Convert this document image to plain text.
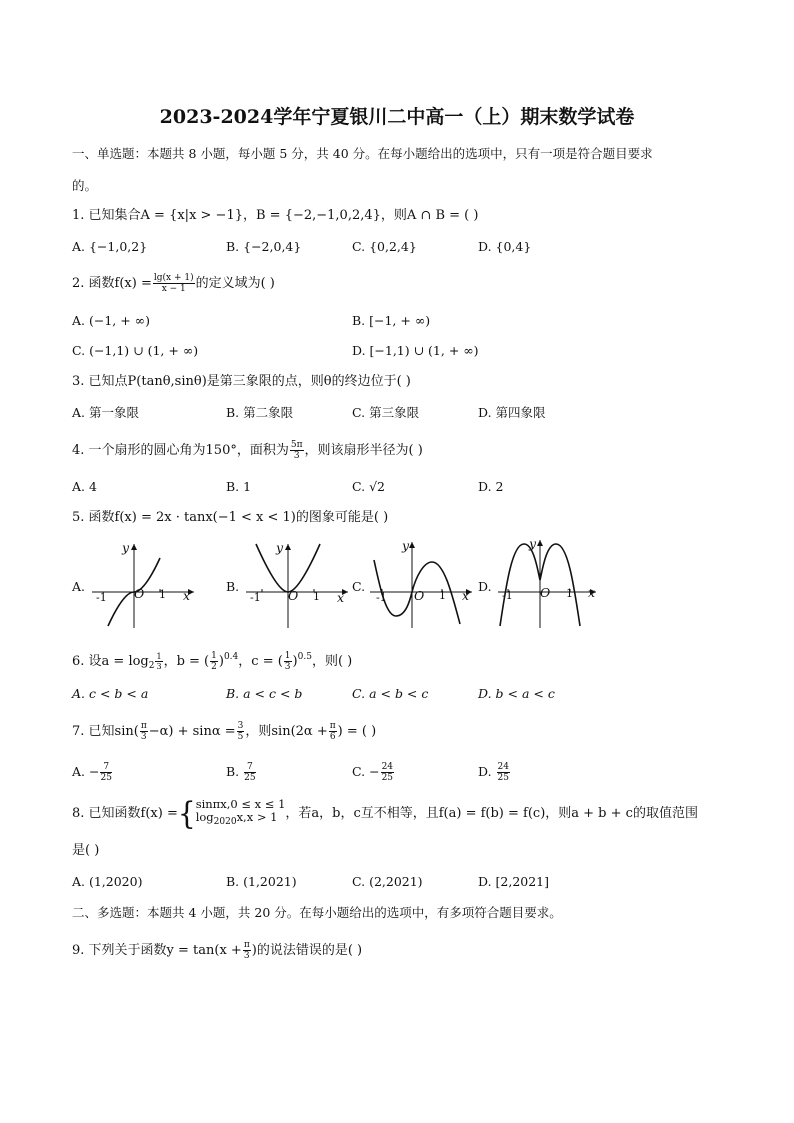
2023-2024学年宁夏银川二中高一（上）期末数学试卷
一、单选题：本题共 8 小题，每小题 5 分，共 40 分。在每小题给出的选项中，只有一项是符合题目要求
的。
1. 已知集合A = {x|x > −1}，B = {−2,−1,0,2,4}，则A ∩ B = ( )
A. {−1,0,2}	B. {−2,0,4}	C. {0,2,4}	D. {0,4}
2. 函数$f(x) = \frac{\lg(x + 1)}{x - 1}$ 的定义域为( )
A. (−1, + ∞)	B. [−1, + ∞)
C. (−1,1) ∪ (1, + ∞)	D. [−1,1) ∪ (1, + ∞)
3. 已知点P(tanθ,sinθ)是第三象限的点，则θ的终边位于( )
A. 第一象限	B. 第二象限	C. 第三象限	D. 第四象限
4. 一个扇形的圆心角为150°，面积为 $\frac{5\pi}{3}$ ，则该扇形半径为( )
A. 4	B. 1	C. √2	D. 2
5. 函数f(x) = 2x · tanx(−1 < x < 1)的图象可能是( )
A.	B.	C.	D.
y
x
O
-1	1
y
x
O
-1	1
y
x
O
-1	1
y
x
O
-1	1
6. 设$a = \log_2 \frac{1}{3}$ ，b = ( $\frac{1}{2} )^{0.4}$，c = ( $\frac{1}{3} )^{0.5}$，则( )
A. c < b < a	B. a < c < b	C. a < b < c	D. b < a < c
7. 已知$\sin( \frac{\pi}{3} -\alpha) + \sin\alpha = \frac{3}{5}$ ，则$\sin(2\alpha + \frac{\pi}{6}$ ) = ( )
A. − $\frac{7}{25}$	B. $\frac{7}{25}$	C. − $\frac{24}{25}$	D. $\frac{24}{25}$
8. 已知函数f(x) ={ sinπx,0 ≤ x ≤ 1
$\log_{2020}x,x > 1$ ，若a，b，c互不相等，且f(a) = f(b) = f(c)，则a + b + c的取值范围
是( )
A. (1,2020)	B. (1,2021)	C. (2,2021)	D. [2,2021]
二、多选题：本题共 4 小题，共 20 分。在每小题给出的选项中，有多项符合题目要求。
9. 下列关于函数$y = \tan(x + \frac{\pi}{3}$ )的说法错误的是( )
